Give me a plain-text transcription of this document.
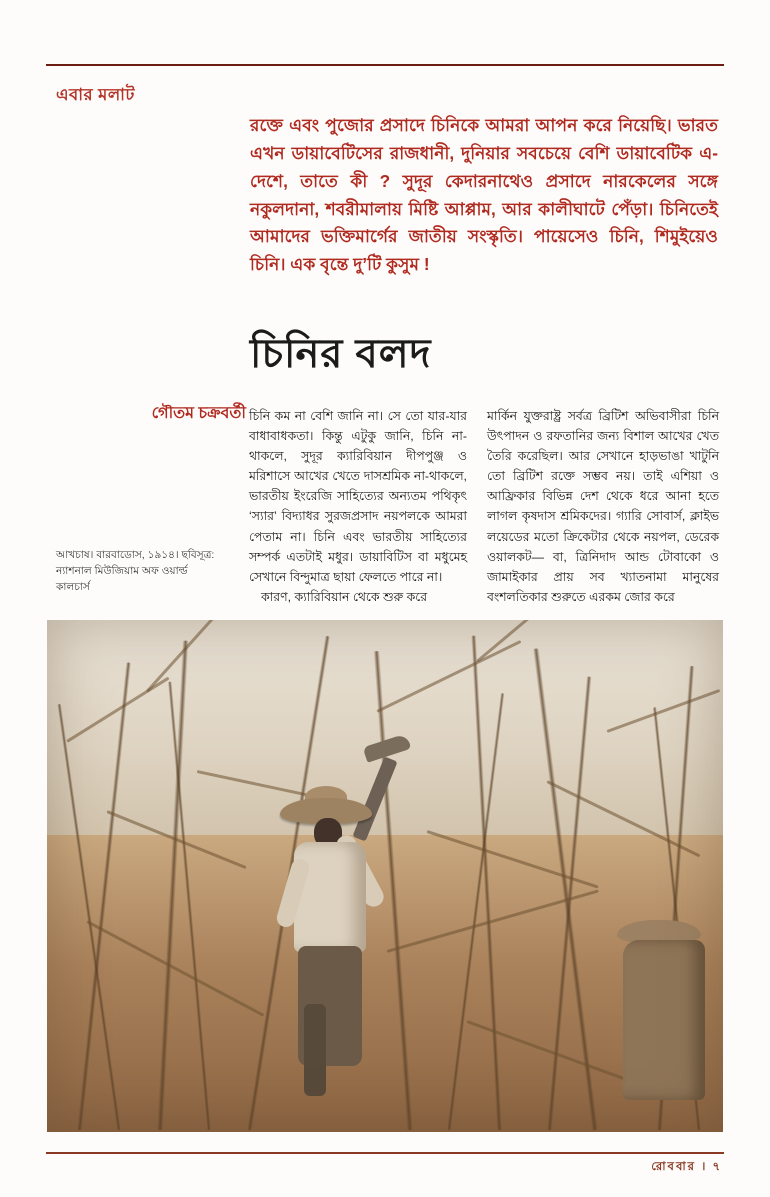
এবার মলাট
রক্তে এবং পুজোর প্রসাদে চিনিকে আমরা আপন করে নিয়েছি। ভারত এখন ডায়াবেটিসের রাজধানী, দুনিয়ার সবচেয়ে বেশি ডায়াবেটিক এ-দেশে, তাতে কী ? সুদূর কেদারনাথেও প্রসাদে নারকেলের সঙ্গে নকুলদানা, শবরীমালায় মিষ্টি আপ্পাম, আর কালীঘাটে পেঁড়া। চিনিতেই আমাদের ভক্তিমার্গের জাতীয় সংস্কৃতি। পায়েসেও চিনি, শিমুইয়েও চিনি। এক বৃন্তে দু’টি কুসুম !
চিনির বলদ
গৌতম চক্রবর্তী
আখচাষ। বারবাডোস, ১৯১৪। ছবিসূত্র: ন্যাশনাল মিউজিয়াম অফ ওয়ার্ল্ড কালচার্স

চিনি কম না বেশি জানি না। সে তো যার-যার বাধাবাধকতা। কিন্তু এটুকু জানি, চিনি না-থাকলে, সুদূর ক্যারিবিয়ান দীপপুঞ্জ ও মরিশাসে আখের খেতে দাসশ্রমিক না-থাকলে, ভারতীয় ইংরেজি সাহিত্যের অন্যতম পথিকৃৎ ‘স্যার’ বিদ্যাধর সুরজপ্রসাদ নয়পলকে আমরা পেতাম না। চিনি এবং ভারতীয় সাহিত্যের সম্পর্ক এতটাই মধুর। ডায়াবিটিস বা মধুমেহ সেখানে বিন্দুমাত্র ছায়া ফেলতে পারে না।

কারণ, ক্যারিবিয়ান থেকে শুরু করে

মার্কিন যুক্তরাষ্ট্র সর্বত্র ব্রিটিশ অভিবাসীরা চিনি উৎপাদন ও রফতানির জন্য বিশাল আখের খেত তৈরি করেছিল। আর সেখানে হাড়ভাঙা খাটুনি তো ব্রিটিশ রক্তে সম্ভব নয়। তাই এশিয়া ও আফ্রিকার বিভিন্ন দেশ থেকে ধরে আনা হতে লাগল কৃষদাস শ্রমিকদের। গ্যারি সোবার্স, ক্লাইভ লয়েডের মতো ক্রিকেটার থেকে নয়পল, ডেরেক ওয়ালকট— বা, ত্রিনিদাদ আন্ড টোবাকো ও জামাইকার প্রায় সব খ্যাতনামা মানুষের বংশলতিকার শুরুতে এরকম জোর করে

রোববার । ৭
